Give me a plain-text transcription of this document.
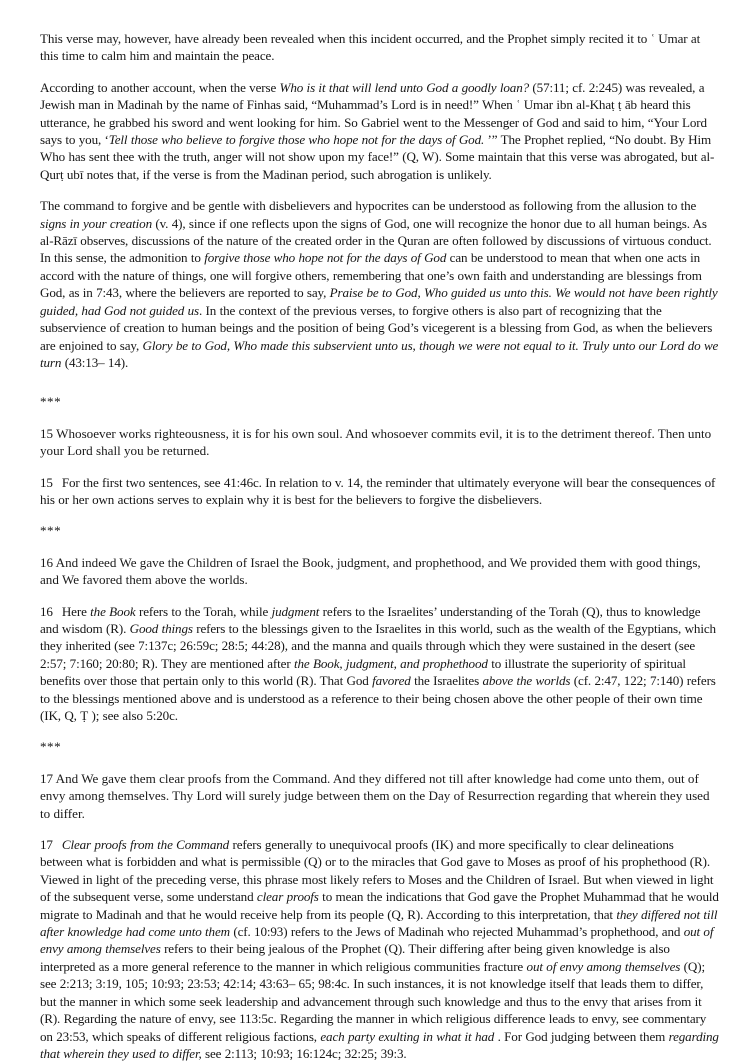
This verse may, however, have already been revealed when this incident occurred, and the Prophet simply recited it to ʿ Umar at this time to calm him and maintain the peace.

According to another account, when the verse Who is it that will lend unto God a goodly loan? (57:11; cf. 2:245) was revealed, a Jewish man in Madinah by the name of Finhas said, “Muhammad’s Lord is in need!” When ʿ Umar ibn al-Khaṭ ṭ āb heard this utterance, he grabbed his sword and went looking for him. So Gabriel went to the Messenger of God and said to him, “Your Lord says to you, ‘Tell those who believe to forgive those who hope not for the days of God. ’” The Prophet replied, “No doubt. By Him Who has sent thee with the truth, anger will not show upon my face!” (Q, W). Some maintain that this verse was abrogated, but al-Qurṭ ubī notes that, if the verse is from the Madinan period, such abrogation is unlikely.

The command to forgive and be gentle with disbelievers and hypocrites can be understood as following from the allusion to the signs in your creation (v. 4), since if one reflects upon the signs of God, one will recognize the honor due to all human beings. As al-Rāzī observes, discussions of the nature of the created order in the Quran are often followed by discussions of virtuous conduct. In this sense, the admonition to forgive those who hope not for the days of God can be understood to mean that when one acts in accord with the nature of things, one will forgive others, remembering that one’s own faith and understanding are blessings from God, as in 7:43, where the believers are reported to say, Praise be to God, Who guided us unto this. We would not have been rightly guided, had God not guided us. In the context of the previous verses, to forgive others is also part of recognizing that the subservience of creation to human beings and the position of being God’s vicegerent is a blessing from God, as when the believers are enjoined to say, Glory be to God, Who made this subservient unto us, though we were not equal to it. Truly unto our Lord do we turn (43:13– 14).

***

15 Whosoever works righteousness, it is for his own soul. And whosoever commits evil, it is to the detriment thereof. Then unto your Lord shall you be returned.

15 For the first two sentences, see 41:46c. In relation to v. 14, the reminder that ultimately everyone will bear the consequences of his or her own actions serves to explain why it is best for the believers to forgive the disbelievers.

***

16 And indeed We gave the Children of Israel the Book, judgment, and prophethood, and We provided them with good things, and We favored them above the worlds.

16 Here the Book refers to the Torah, while judgment refers to the Israelites’ understanding of the Torah (Q), thus to knowledge and wisdom (R). Good things refers to the blessings given to the Israelites in this world, such as the wealth of the Egyptians, which they inherited (see 7:137c; 26:59c; 28:5; 44:28), and the manna and quails through which they were sustained in the desert (see 2:57; 7:160; 20:80; R). They are mentioned after the Book, judgment, and prophethood to illustrate the superiority of spiritual benefits over those that pertain only to this world (R). That God favored the Israelites above the worlds (cf. 2:47, 122; 7:140) refers to the blessings mentioned above and is understood as a reference to their being chosen above the other people of their own time (IK, Q, Ṭ ); see also 5:20c.

***

17 And We gave them clear proofs from the Command. And they differed not till after knowledge had come unto them, out of envy among themselves. Thy Lord will surely judge between them on the Day of Resurrection regarding that wherein they used to differ.

17 Clear proofs from the Command refers generally to unequivocal proofs (IK) and more specifically to clear delineations between what is forbidden and what is permissible (Q) or to the miracles that God gave to Moses as proof of his prophethood (R). Viewed in light of the preceding verse, this phrase most likely refers to Moses and the Children of Israel. But when viewed in light of the subsequent verse, some understand clear proofs to mean the indications that God gave the Prophet Muhammad that he would migrate to Madinah and that he would receive help from its people (Q, R). According to this interpretation, that they differed not till after knowledge had come unto them (cf. 10:93) refers to the Jews of Madinah who rejected Muhammad’s prophethood, and out of envy among themselves refers to their being jealous of the Prophet (Q). Their differing after being given knowledge is also interpreted as a more general reference to the manner in which religious communities fracture out of envy among themselves (Q); see 2:213; 3:19, 105; 10:93; 23:53; 42:14; 43:63– 65; 98:4c. In such instances, it is not knowledge itself that leads them to differ, but the manner in which some seek leadership and advancement through such knowledge and thus to the envy that arises from it (R). Regarding the nature of envy, see 113:5c. Regarding the manner in which religious difference leads to envy, see commentary on 23:53, which speaks of different religious factions, each party exulting in what it had . For God judging between them regarding that wherein they used to differ, see 2:113; 10:93; 16:124c; 32:25; 39:3.
